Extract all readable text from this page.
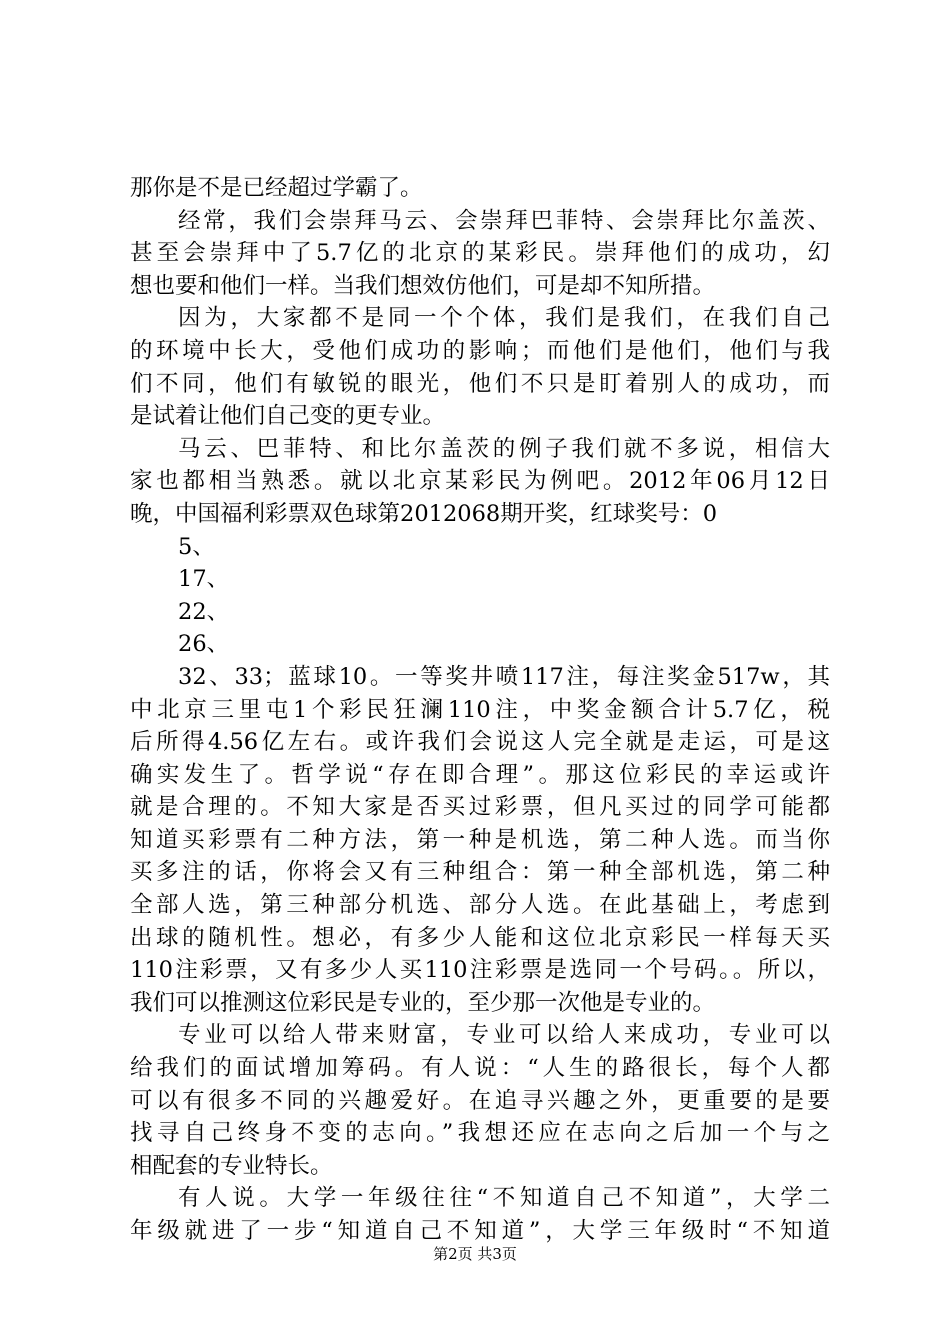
那你是不是已经超过学霸了。
经常，我们会崇拜马云、会崇拜巴菲特、会崇拜比尔盖茨、
甚至会崇拜中了5.7亿的北京的某彩民。崇拜他们的成功，幻
想也要和他们一样。当我们想效仿他们，可是却不知所措。
因为，大家都不是同一个个体，我们是我们，在我们自己
的环境中长大，受他们成功的影响；而他们是他们，他们与我
们不同，他们有敏锐的眼光，他们不只是盯着别人的成功，而
是试着让他们自己变的更专业。
马云、巴菲特、和比尔盖茨的例子我们就不多说，相信大
家也都相当熟悉。就以北京某彩民为例吧。2012年06月12日
晚，中国福利彩票双色球第2012068期开奖，红球奖号：0
5、
17、
22、
26、
32、33；蓝球10。一等奖井喷117注，每注奖金517w，其
中北京三里屯1个彩民狂澜110注，中奖金额合计5.7亿，税
后所得4.56亿左右。或许我们会说这人完全就是走运，可是这
确实发生了。哲学说“存在即合理”。那这位彩民的幸运或许
就是合理的。不知大家是否买过彩票，但凡买过的同学可能都
知道买彩票有二种方法，第一种是机选，第二种人选。而当你
买多注的话，你将会又有三种组合：第一种全部机选，第二种
全部人选，第三种部分机选、部分人选。在此基础上，考虑到
出球的随机性。想必，有多少人能和这位北京彩民一样每天买
110注彩票，又有多少人买110注彩票是选同一个号码。。所以，
我们可以推测这位彩民是专业的，至少那一次他是专业的。
专业可以给人带来财富，专业可以给人来成功，专业可以
给我们的面试增加筹码。有人说：“人生的路很长，每个人都
可以有很多不同的兴趣爱好。在追寻兴趣之外，更重要的是要
找寻自己终身不变的志向。”我想还应在志向之后加一个与之
相配套的专业特长。
有人说。大学一年级往往“不知道自己不知道”，大学二
年级就进了一步“知道自己不知道”，大学三年级时“不知道
第2页 共3页
